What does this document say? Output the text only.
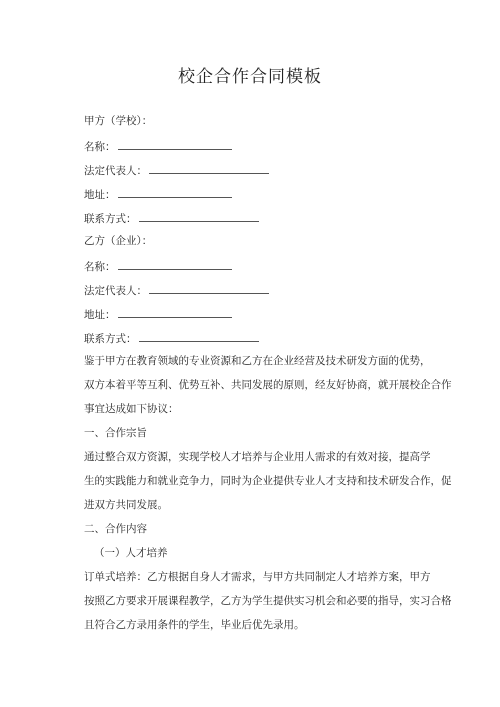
校企合作合同模板
甲方（学校）：
名称：
法定代表人：
地址：
联系方式：
乙方（企业）：
名称：
法定代表人：
地址：
联系方式：
鉴于甲方在教育领域的专业资源和乙方在企业经营及技术研发方面的优势，
双方本着平等互利、优势互补、共同发展的原则，经友好协商，就开展校企合作
事宜达成如下协议：
一、合作宗旨
通过整合双方资源，实现学校人才培养与企业用人需求的有效对接，提高学
生的实践能力和就业竞争力，同时为企业提供专业人才支持和技术研发合作，促
进双方共同发展。
二、合作内容
（一）人才培养
订单式培养：乙方根据自身人才需求，与甲方共同制定人才培养方案，甲方
按照乙方要求开展课程教学，乙方为学生提供实习机会和必要的指导，实习合格
且符合乙方录用条件的学生，毕业后优先录用。
